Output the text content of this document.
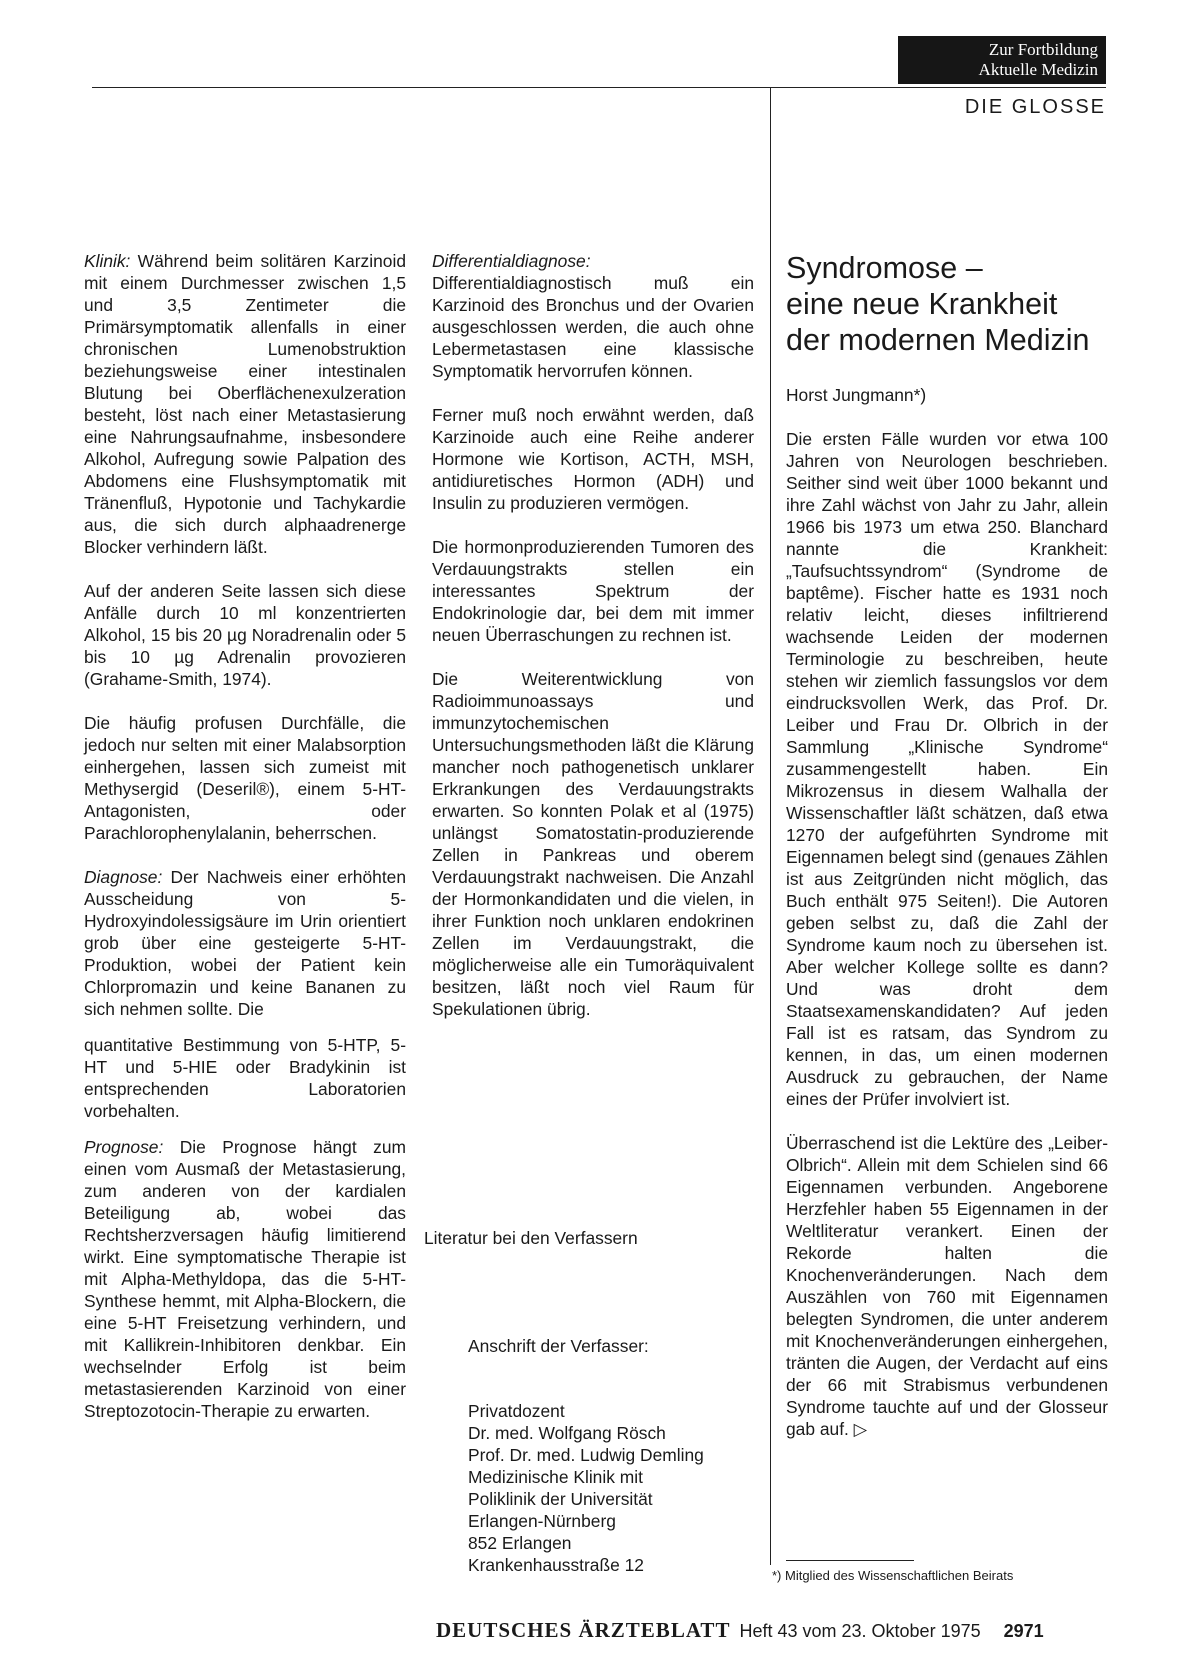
Zur Fortbildung
Aktuelle Medizin
DIE GLOSSE

Klinik: Während beim solitären Karzinoid mit einem Durchmesser zwischen 1,5 und 3,5 Zentimeter die Primärsymptomatik allenfalls in einer chronischen Lumenobstruktion beziehungsweise einer intestinalen Blutung bei Oberflächenexulzeration besteht, löst nach einer Metastasierung eine Nahrungsaufnahme, insbesondere Alkohol, Aufregung sowie Palpation des Abdomens eine Flushsymptomatik mit Tränenfluß, Hypotonie und Tachykardie aus, die sich durch alphaadrenerge Blocker verhindern läßt.

Auf der anderen Seite lassen sich diese Anfälle durch 10 ml konzentrierten Alkohol, 15 bis 20 µg Noradrenalin oder 5 bis 10 µg Adrenalin provozieren (Grahame-Smith, 1974).

Die häufig profusen Durchfälle, die jedoch nur selten mit einer Malabsorption einhergehen, lassen sich zumeist mit Methysergid (Deseril®), einem 5-HT-Antagonisten, oder Parachlorophenylalanin, beherrschen.

Diagnose: Der Nachweis einer erhöhten Ausscheidung von 5-Hydroxyindolessigsäure im Urin orientiert grob über eine gesteigerte 5-HT-Produktion, wobei der Patient kein Chlorpromazin und keine Bananen zu sich nehmen sollte. Die

quantitative Bestimmung von 5-HTP, 5-HT und 5-HIE oder Bradykinin ist entsprechenden Laboratorien vorbehalten.

Prognose: Die Prognose hängt zum einen vom Ausmaß der Metastasierung, zum anderen von der kardialen Beteiligung ab, wobei das Rechtsherzversagen häufig limitierend wirkt. Eine symptomatische Therapie ist mit Alpha-Methyldopa, das die 5-HT-Synthese hemmt, mit Alpha-Blockern, die eine 5-HT Freisetzung verhindern, und mit Kallikrein-Inhibitoren denkbar. Ein wechselnder Erfolg ist beim metastasierenden Karzinoid von einer Streptozotocin-Therapie zu erwarten.

Differentialdiagnose: Differentialdiagnostisch muß ein Karzinoid des Bronchus und der Ovarien ausgeschlossen werden, die auch ohne Lebermetastasen eine klassische Symptomatik hervorrufen können.

Ferner muß noch erwähnt werden, daß Karzinoide auch eine Reihe anderer Hormone wie Kortison, ACTH, MSH, antidiuretisches Hormon (ADH) und Insulin zu produzieren vermögen.

Die hormonproduzierenden Tumoren des Verdauungstrakts stellen ein interessantes Spektrum der Endokrinologie dar, bei dem mit immer neuen Überraschungen zu rechnen ist.

Die Weiterentwicklung von Radioimmunoassays und immunzytochemischen Untersuchungsmethoden läßt die Klärung mancher noch pathogenetisch unklarer Erkrankungen des Verdauungstrakts erwarten. So konnten Polak et al (1975) unlängst Somatostatin-produzierende Zellen in Pankreas und oberem Verdauungstrakt nachweisen. Die Anzahl der Hormonkandidaten und die vielen, in ihrer Funktion noch unklaren endokrinen Zellen im Verdauungstrakt, die möglicherweise alle ein Tumoräquivalent besitzen, läßt noch viel Raum für Spekulationen übrig.

Literatur bei den Verfassern
Anschrift der Verfasser:
Privatdozent
Dr. med. Wolfgang Rösch
Prof. Dr. med. Ludwig Demling
Medizinische Klinik mit
Poliklinik der Universität
Erlangen-Nürnberg
852 Erlangen
Krankenhausstraße 12
Syndromose –
eine neue Krankheit
der modernen Medizin
Horst Jungmann*)

Die ersten Fälle wurden vor etwa 100 Jahren von Neurologen beschrieben. Seither sind weit über 1000 bekannt und ihre Zahl wächst von Jahr zu Jahr, allein 1966 bis 1973 um etwa 250. Blanchard nannte die Krankheit: „Taufsuchtssyndrom“ (Syndrome de baptême). Fischer hatte es 1931 noch relativ leicht, dieses infiltrierend wachsende Leiden der modernen Terminologie zu beschreiben, heute stehen wir ziemlich fassungslos vor dem eindrucksvollen Werk, das Prof. Dr. Leiber und Frau Dr. Olbrich in der Sammlung „Klinische Syndrome“ zusammengestellt haben. Ein Mikrozensus in diesem Walhalla der Wissenschaftler läßt schätzen, daß etwa 1270 der aufgeführten Syndrome mit Eigennamen belegt sind (genaues Zählen ist aus Zeitgründen nicht möglich, das Buch enthält 975 Seiten!). Die Autoren geben selbst zu, daß die Zahl der Syndrome kaum noch zu übersehen ist. Aber welcher Kollege sollte es dann? Und was droht dem Staatsexamenskandidaten? Auf jeden Fall ist es ratsam, das Syndrom zu kennen, in das, um einen modernen Ausdruck zu gebrauchen, der Name eines der Prüfer involviert ist.

Überraschend ist die Lektüre des „Leiber-Olbrich“. Allein mit dem Schielen sind 66 Eigennamen verbunden. Angeborene Herzfehler haben 55 Eigennamen in der Weltliteratur verankert. Einen der Rekorde halten die Knochenveränderungen. Nach dem Auszählen von 760 mit Eigennamen belegten Syndromen, die unter anderem mit Knochenveränderungen einhergehen, tränten die Augen, der Verdacht auf eins der 66 mit Strabismus verbundenen Syndrome tauchte auf und der Glosseur gab auf. ▷

*) Mitglied des Wissenschaftlichen Beirats
DEUTSCHES ÄRZTEBLATT Heft 43 vom 23. Oktober 1975 2971
